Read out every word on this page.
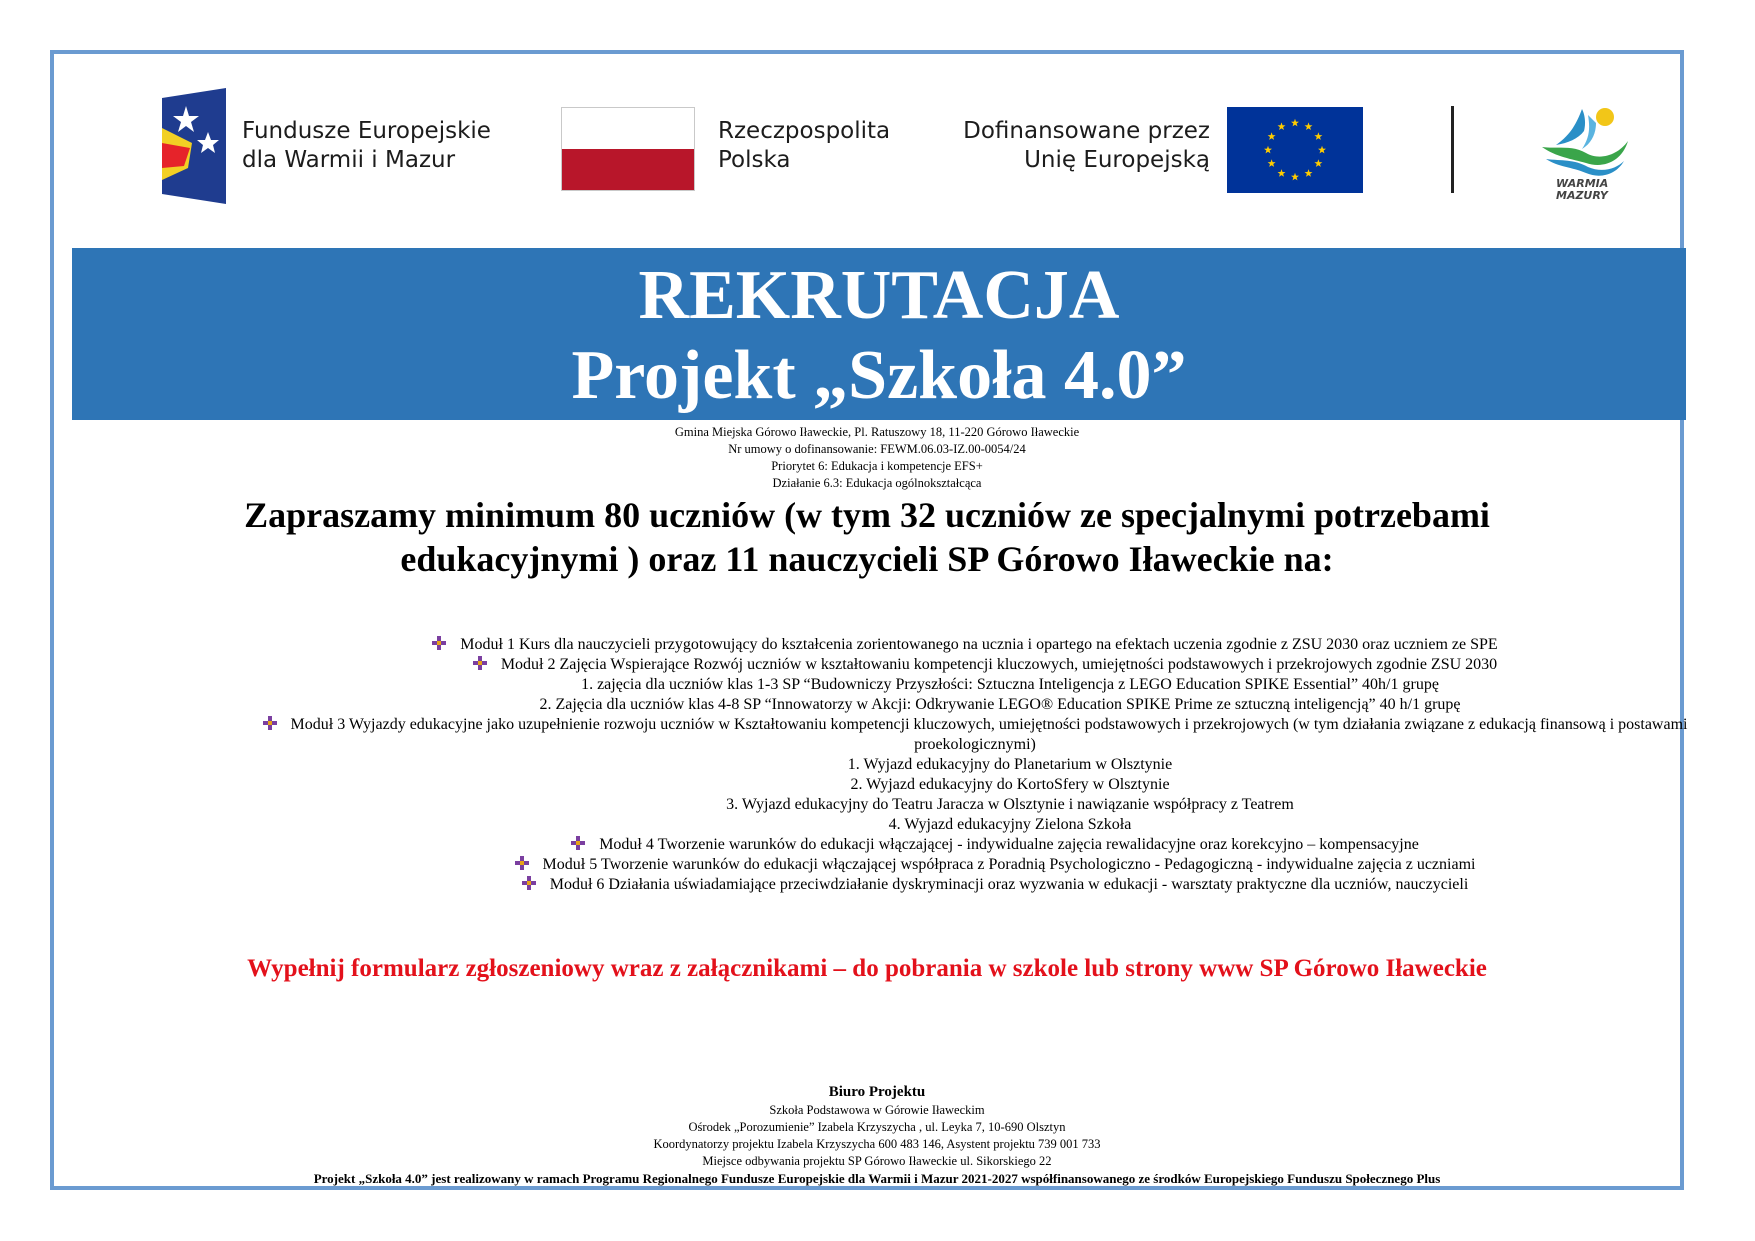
Fundusze Europejskie
dla Warmii i Mazur
Rzeczpospolita
Polska
Dofinansowane przez
Unię Europejską
WARMIA
MAZURY
REKRUTACJA
Projekt „Szkoła 4.0”
Gmina Miejska Górowo Iławeckie, Pl. Ratuszowy 18, 11-220 Górowo Iławeckie
Nr umowy o dofinansowanie: FEWM.06.03-IZ.00-0054/24
Priorytet 6: Edukacja i kompetencje EFS+
Działanie 6.3: Edukacja ogólnokształcąca
Zapraszamy minimum 80 uczniów (w tym 32 uczniów ze specjalnymi potrzebami
edukacyjnymi ) oraz 11 nauczycieli SP Górowo Iławeckie na:
Moduł 1 Kurs dla nauczycieli przygotowujący do kształcenia zorientowanego na ucznia i opartego na efektach uczenia zgodnie z ZSU 2030 oraz uczniem ze SPE
Moduł 2 Zajęcia Wspierające Rozwój uczniów w kształtowaniu kompetencji kluczowych, umiejętności podstawowych i przekrojowych zgodnie ZSU 2030
1. zajęcia dla uczniów klas 1-3 SP “Budowniczy Przyszłości: Sztuczna Inteligencja z LEGO Education SPIKE Essential” 40h/1 grupę
2. Zajęcia dla uczniów klas 4-8 SP “Innowatorzy w Akcji: Odkrywanie LEGO® Education SPIKE Prime ze sztuczną inteligencją” 40 h/1 grupę
Moduł 3 Wyjazdy edukacyjne jako uzupełnienie rozwoju uczniów w Kształtowaniu kompetencji kluczowych, umiejętności podstawowych i przekrojowych (w tym działania związane z edukacją finansową i postawami proekologicznymi)
1. Wyjazd edukacyjny do Planetarium w Olsztynie
2. Wyjazd edukacyjny do KortoSfery w Olsztynie
3. Wyjazd edukacyjny do Teatru Jaracza w Olsztynie i nawiązanie współpracy z Teatrem
4. Wyjazd edukacyjny Zielona Szkoła
Moduł 4 Tworzenie warunków do edukacji włączającej - indywidualne zajęcia rewalidacyjne oraz korekcyjno – kompensacyjne
Moduł 5 Tworzenie warunków do edukacji włączającej współpraca z Poradnią Psychologiczno - Pedagogiczną - indywidualne zajęcia z uczniami
Moduł 6 Działania uświadamiające przeciwdziałanie dyskryminacji oraz wyzwania w edukacji - warsztaty praktyczne dla uczniów, nauczycieli
Wypełnij formularz zgłoszeniowy wraz z załącznikami – do pobrania w szkole lub strony www SP Górowo Iławeckie
Biuro Projektu
Szkoła Podstawowa w Górowie Iławeckim
Ośrodek „Porozumienie” Izabela Krzyszycha , ul. Leyka 7, 10-690 Olsztyn
Koordynatorzy projektu Izabela Krzyszycha 600 483 146, Asystent projektu 739 001 733
Miejsce odbywania projektu SP Górowo Iławeckie ul. Sikorskiego 22
Projekt „Szkoła 4.0” jest realizowany w ramach Programu Regionalnego Fundusze Europejskie dla Warmii i Mazur 2021-2027 współfinansowanego ze środków Europejskiego Funduszu Społecznego Plus
